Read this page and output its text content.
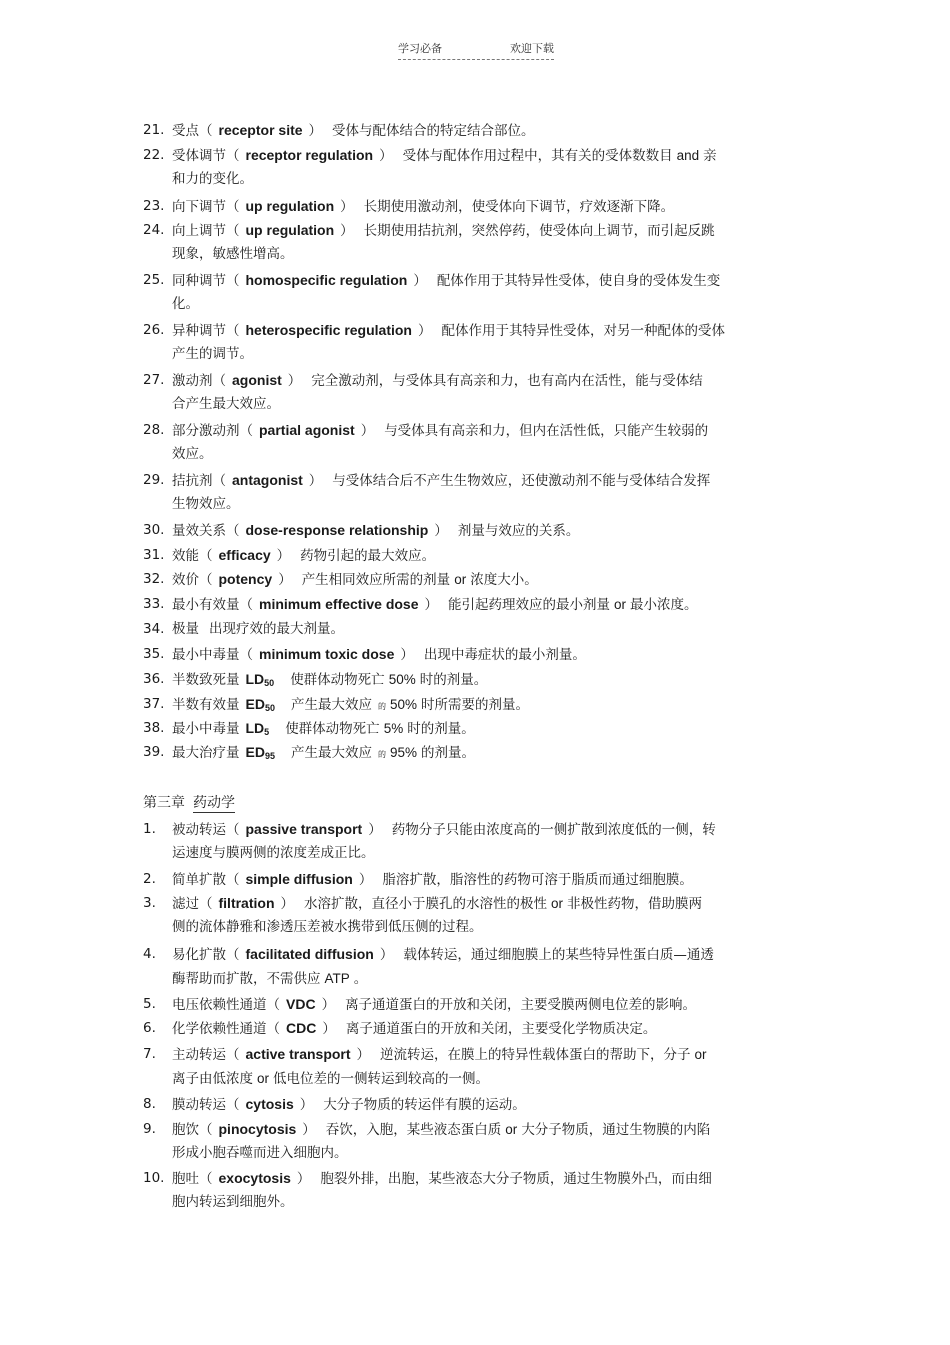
学习必备	欢迎下载
21. 受点（ receptor site ） 受体与配体结合的特定结合部位。
22. 受体调节（ receptor regulation ） 受体与配体作用过程中，其有关的受体数数目 and 亲
和力的变化。
23. 向下调节（ up regulation ） 长期使用激动剂，使受体向下调节，疗效逐渐下降。
24. 向上调节（ up regulation ） 长期使用拮抗剂，突然停药，使受体向上调节，而引起反跳
现象，敏感性增高。
25. 同种调节（ homospecific regulation ） 配体作用于其特异性受体，使自身的受体发生变
化。
26. 异种调节（ heterospecific regulation ） 配体作用于其特异性受体，对另一种配体的受体
产生的调节。
27. 激动剂（ agonist ） 完全激动剂，与受体具有高亲和力，也有高内在活性，能与受体结
合产生最大效应。
28. 部分激动剂（ partial agonist ） 与受体具有高亲和力，但内在活性低，只能产生较弱的
效应。
29. 拮抗剂（ antagonist ） 与受体结合后不产生生物效应，还使激动剂不能与受体结合发挥
生物效应。
30. 量效关系（ dose-response relationship ） 剂量与效应的关系。
31. 效能（ efficacy ） 药物引起的最大效应。
32. 效价（ potency ） 产生相同效应所需的剂量 or 浓度大小。
33. 最小有效量（ minimum effective dose ） 能引起药理效应的最小剂量 or 最小浓度。
34. 极量 出现疗效的最大剂量。
35. 最小中毒量（ minimum toxic dose ） 出现中毒症状的最小剂量。
36. 半数致死量 $LD_{50}$ 使群体动物死亡 50% 时的剂量。
37. 半数有效量 $ED_{50}$ 产生最大效应 的 50% 时所需要的剂量。
38. 最小中毒量 $LD_5$ 使群体动物死亡 5% 时的剂量。
39. 最大治疗量 $ED_{95}$ 产生最大效应 的 95% 的剂量。
第三章 药动学
1.	被动转运（ passive transport ） 药物分子只能由浓度高的一侧扩散到浓度低的一侧，转
运速度与膜两侧的浓度差成正比。
2.	简单扩散（ simple diffusion ） 脂溶扩散，脂溶性的药物可溶于脂质而通过细胞膜。
3.	滤过（ filtration ） 水溶扩散，直径小于膜孔的水溶性的极性 or 非极性药物，借助膜两
侧的流体静雅和渗透压差被水携带到低压侧的过程。
4.	易化扩散（ facilitated diffusion ） 载体转运，通过细胞膜上的某些特异性蛋白质—通透
酶帮助而扩散，不需供应 ATP 。
5.	电压依赖性通道（ VDC ） 离子通道蛋白的开放和关闭，主要受膜两侧电位差的影响。
6.	化学依赖性通道（ CDC ） 离子通道蛋白的开放和关闭，主要受化学物质决定。
7.	主动转运（ active transport ） 逆流转运，在膜上的特异性载体蛋白的帮助下，分子 or
离子由低浓度 or 低电位差的一侧转运到较高的一侧。
8.	膜动转运（ cytosis ） 大分子物质的转运伴有膜的运动。
9.	胞饮（ pinocytosis ） 吞饮，入胞，某些液态蛋白质 or 大分子物质，通过生物膜的内陷
形成小胞吞噬而进入细胞内。
10. 胞吐（ exocytosis ） 胞裂外排，出胞，某些液态大分子物质，通过生物膜外凸，而由细
胞内转运到细胞外。
